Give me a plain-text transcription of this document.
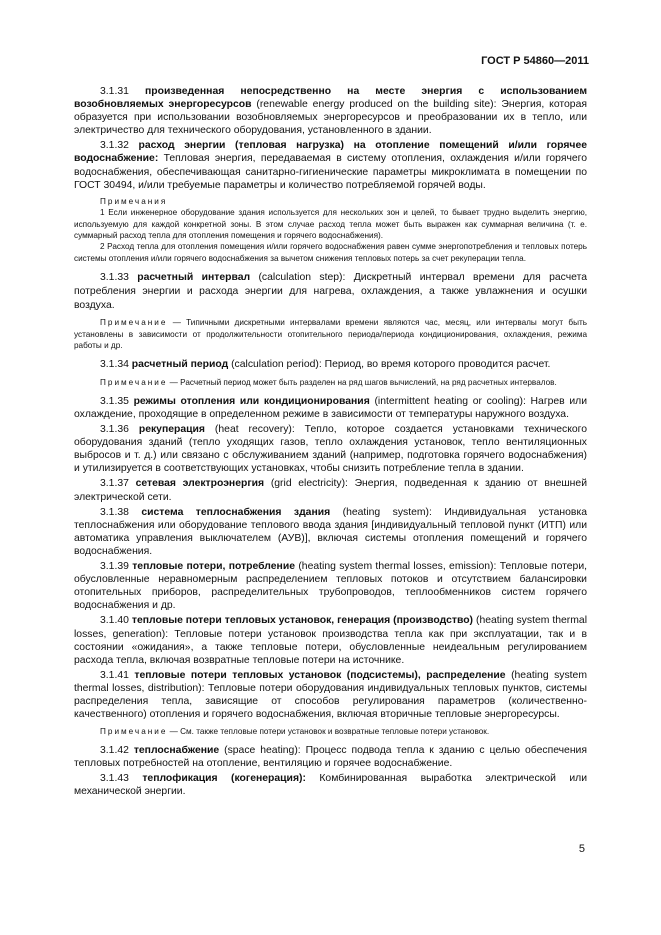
ГОСТ Р 54860—2011

3.1.31 произведенная непосредственно на месте энергия с использованием возобновляемых энергоресурсов (renewable energy produced on the building site): Энергия, которая образуется при использовании возобновляемых энергоресурсов и преобразовании их в тепло, или электричество для технического оборудования, установленного в здании.

3.1.32 расход энергии (тепловая нагрузка) на отопление помещений и/или горячее водоснабжение: Тепловая энергия, передаваемая в систему отопления, охлаждения и/или горячего водоснабжения, обеспечивающая санитарно-гигиенические параметры микроклимата в помещении по ГОСТ 30494, и/или требуемые параметры и количество потребляемой горячей воды.

Примечания

1 Если инженерное оборудование здания используется для нескольких зон и целей, то бывает трудно выделить энергию, используемую для каждой конкретной зоны. В этом случае расход тепла может быть выражен как суммарная величина (т. е. суммарный расход тепла для отопления помещения и горячего водоснабжения).

2 Расход тепла для отопления помещения и/или горячего водоснабжения равен сумме энергопотребления и тепловых потерь системы отопления и/или горячего водоснабжения за вычетом снижения тепловых потерь за счет рекуперации тепла.

3.1.33 расчетный интервал (calculation step): Дискретный интервал времени для расчета потребления энергии и расхода энергии для нагрева, охлаждения, а также увлажнения и осушки воздуха.

Примечание — Типичными дискретными интервалами времени являются час, месяц, или интервалы могут быть установлены в зависимости от продолжительности отопительного периода/периода кондиционирования, охлаждения, режима работы и др.

3.1.34 расчетный период (calculation period): Период, во время которого проводится расчет.

Примечание — Расчетный период может быть разделен на ряд шагов вычислений, на ряд расчетных интервалов.

3.1.35 режимы отопления или кондиционирования (intermittent heating or cooling): Нагрев или охлаждение, проходящие в определенном режиме в зависимости от температуры наружного воздуха.

3.1.36 рекуперация (heat recovery): Тепло, которое создается установками технического оборудования зданий (тепло уходящих газов, тепло охлаждения установок, тепло вентиляционных выбросов и т. д.) или связано с обслуживанием зданий (например, подготовка горячего водоснабжения) и утилизируется в соответствующих установках, чтобы снизить потребление тепла в здании.

3.1.37 сетевая электроэнергия (grid electricity): Энергия, подведенная к зданию от внешней электрической сети.

3.1.38 система теплоснабжения здания (heating system): Индивидуальная установка теплоснабжения или оборудование теплового ввода здания [индивидуальный тепловой пункт (ИТП) или автоматика управления выключателем (АУВ)], включая системы отопления помещений и горячего водоснабжения.

3.1.39 тепловые потери, потребление (heating system thermal losses, emission): Тепловые потери, обусловленные неравномерным распределением тепловых потоков и отсутствием балансировки отопительных приборов, распределительных трубопроводов, теплообменников систем горячего водоснабжения и др.

3.1.40 тепловые потери тепловых установок, генерация (производство) (heating system thermal losses, generation): Тепловые потери установок производства тепла как при эксплуатации, так и в состоянии «ожидания», а также тепловые потери, обусловленные неидеальным регулированием расхода тепла, включая возвратные тепловые потери на источнике.

3.1.41 тепловые потери тепловых установок (подсистемы), распределение (heating system thermal losses, distribution): Тепловые потери оборудования индивидуальных тепловых пунктов, системы распределения тепла, зависящие от способов регулирования параметров (количественно-качественного) отопления и горячего водоснабжения, включая вторичные тепловые энергоресурсы.

Примечание — См. также тепловые потери установок и возвратные тепловые потери установок.

3.1.42 теплоснабжение (space heating): Процесс подвода тепла к зданию с целью обеспечения тепловых потребностей на отопление, вентиляцию и горячее водоснабжение.

3.1.43 теплофикация (когенерация): Комбинированная выработка электрической или механической энергии.

5
